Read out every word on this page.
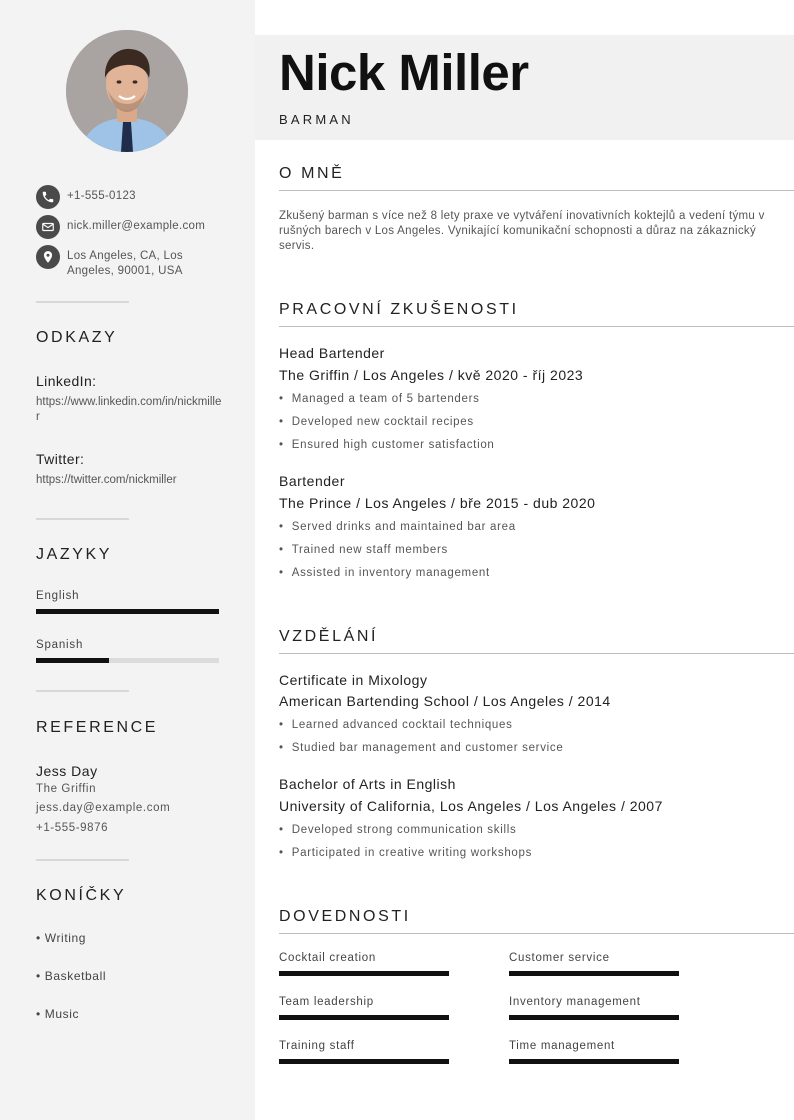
+1-555-0123
nick.miller@example.com
Los Angeles, CA, Los
Angeles, 90001, USA
ODKAZY
LinkedIn:
https://www.linkedin.com/in/nickmiller
Twitter:
https://twitter.com/nickmiller
JAZYKY
English
Spanish
REFERENCE
Jess Day
The Griffin
jess.day@example.com
+1-555-9876
KONÍČKY
• Writing
• Basketball
• Music
Nick Miller
BARMAN
O MNĚ
Zkušený barman s více než 8 lety praxe ve vytváření inovativních koktejlů a vedení týmu v rušných barech v Los Angeles. Vynikající komunikační schopnosti a důraz na zákaznický servis.
PRACOVNÍ ZKUŠENOSTI
Head Bartender
The Griffin / Los Angeles / kvě 2020 - říj 2023
• Managed a team of 5 bartenders
• Developed new cocktail recipes
• Ensured high customer satisfaction
Bartender
The Prince / Los Angeles / bře 2015 - dub 2020
• Served drinks and maintained bar area
• Trained new staff members
• Assisted in inventory management
VZDĚLÁNÍ
Certificate in Mixology
American Bartending School / Los Angeles / 2014
• Learned advanced cocktail techniques
• Studied bar management and customer service
Bachelor of Arts in English
University of California, Los Angeles / Los Angeles / 2007
• Developed strong communication skills
• Participated in creative writing workshops
DOVEDNOSTI
Cocktail creation	Customer service
Team leadership	Inventory management
Training staff	Time management
